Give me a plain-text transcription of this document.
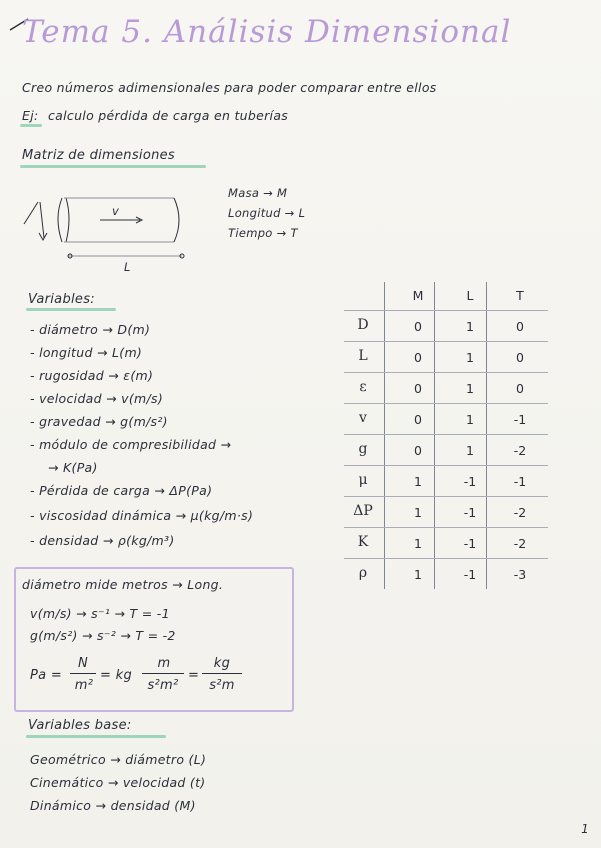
Tema 5. Análisis Dimensional
Creo números adimensionales para poder comparar entre ellos
Ej: calculo pérdida de carga en tuberías
Matriz de dimensiones
v
L
Masa → M
Longitud → L
Tiempo → T
Variables:
- diámetro → D(m)
- longitud → L(m)
- rugosidad → ε(m)
- velocidad → v(m/s)
- gravedad → g(m/s²)
- módulo de compresibilidad →
→ K(Pa)
- Pérdida de carga → ΔP(Pa)
- viscosidad dinámica → μ(kg/m·s)
- densidad → ρ(kg/m³)
M	L	T
D	0	1	0
L	0	1	0
ε	0	1	0
v	0	1	-1
g	0	1	-2
μ	1	-1	-1
ΔP	1	-1	-2
K	1	-1	-2
ρ	1	-1	-3
diámetro mide metros → Long.
v(m/s) → s⁻¹ → T = -1
g(m/s²) → s⁻² → T = -2
Pa =
N
m²
= kg
m
s²m²
=
kg
s²m
Variables base:
Geométrico → diámetro (L)
Cinemático → velocidad (t)
Dinámico → densidad (M)
1
